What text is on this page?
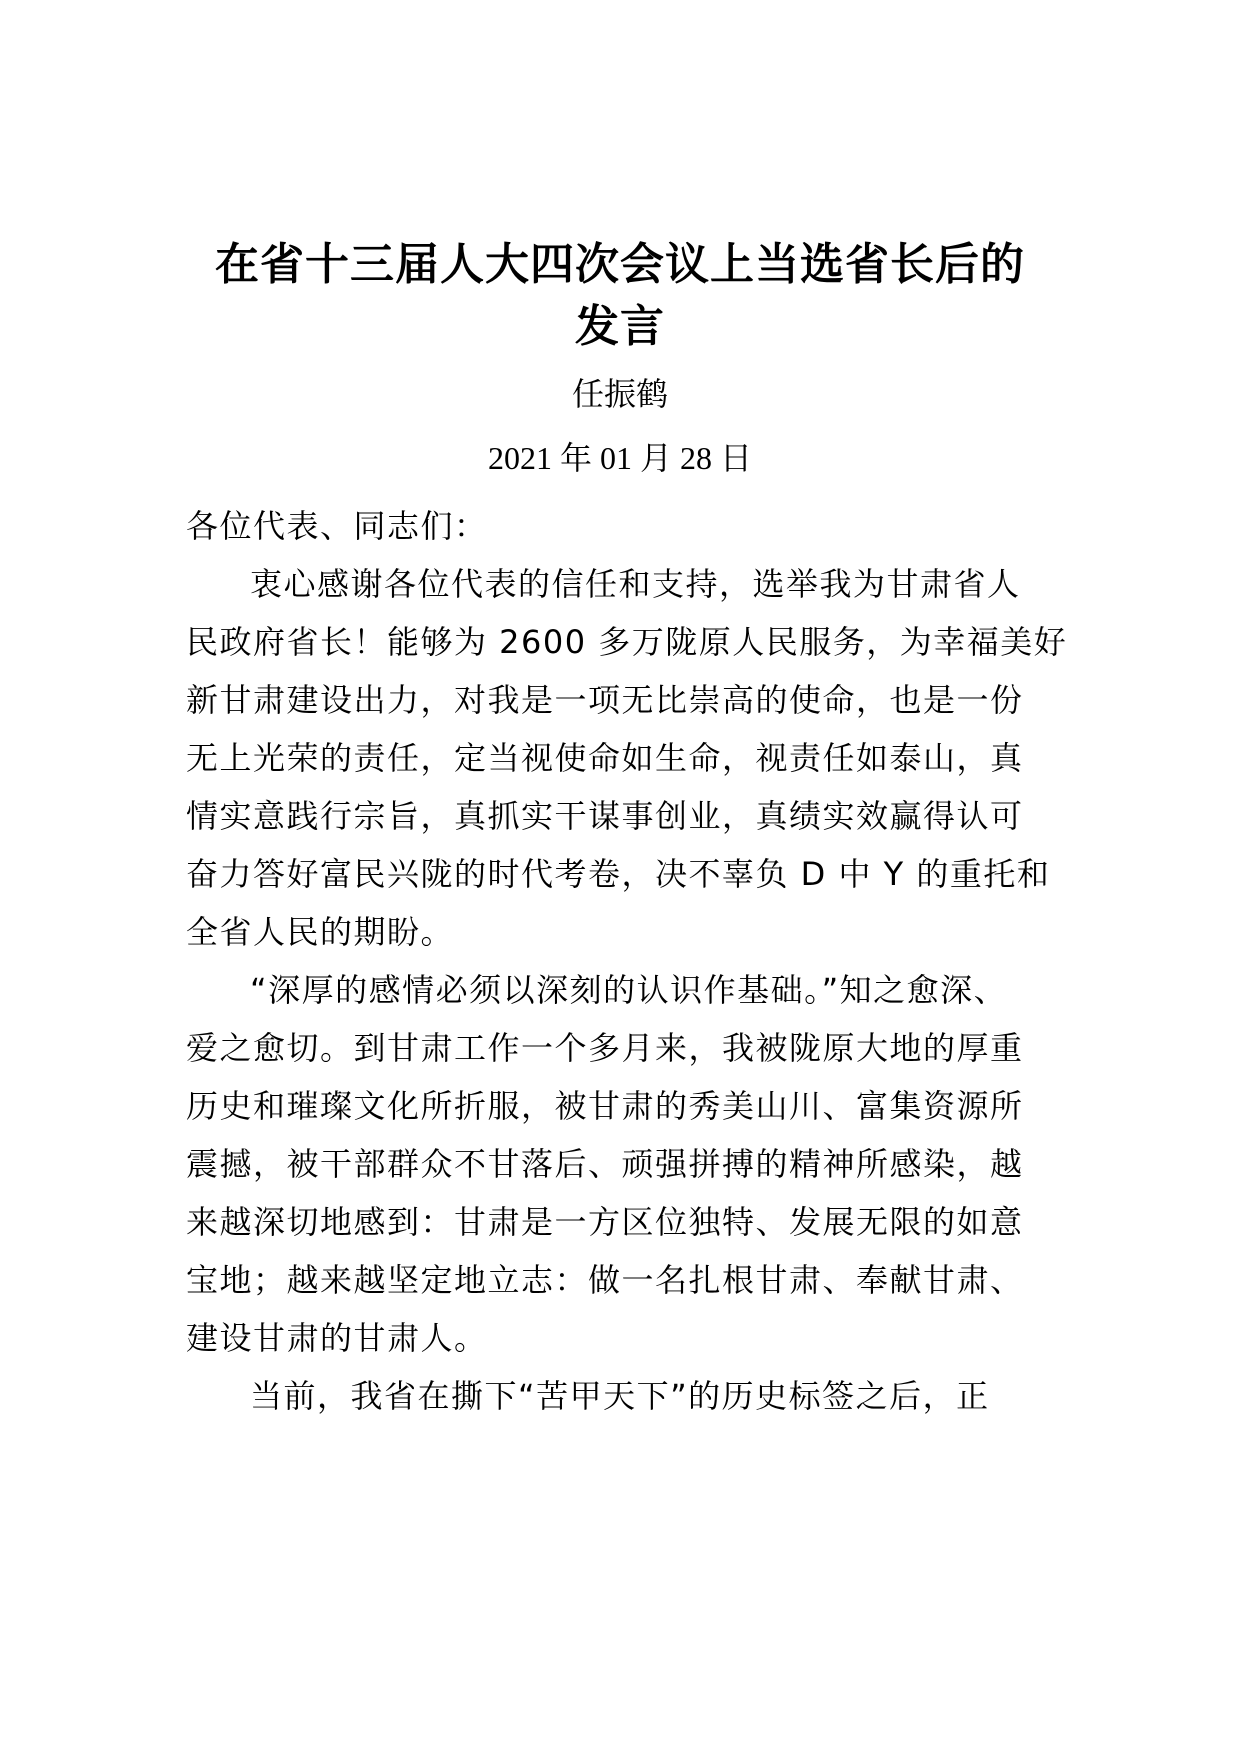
在省十三届人大四次会议上当选省长后的
发言
任振鹤
2021 年 01 月 28 日
各位代表、同志们：
衷心感谢各位代表的信任和支持，选举我为甘肃省人
民政府省长！能够为 2600 多万陇原人民服务，为幸福美好
新甘肃建设出力，对我是一项无比崇高的使命，也是一份
无上光荣的责任，定当视使命如生命，视责任如泰山，真
情实意践行宗旨，真抓实干谋事创业，真绩实效赢得认可
奋力答好富民兴陇的时代考卷，决不辜负 D 中 Y 的重托和
全省人民的期盼。
“深厚的感情必须以深刻的认识作基础。”知之愈深、
爱之愈切。到甘肃工作一个多月来，我被陇原大地的厚重
历史和璀璨文化所折服，被甘肃的秀美山川、富集资源所
震撼，被干部群众不甘落后、顽强拼搏的精神所感染，越
来越深切地感到：甘肃是一方区位独特、发展无限的如意
宝地；越来越坚定地立志：做一名扎根甘肃、奉献甘肃、
建设甘肃的甘肃人。
当前，我省在撕下“苦甲天下”的历史标签之后，正
